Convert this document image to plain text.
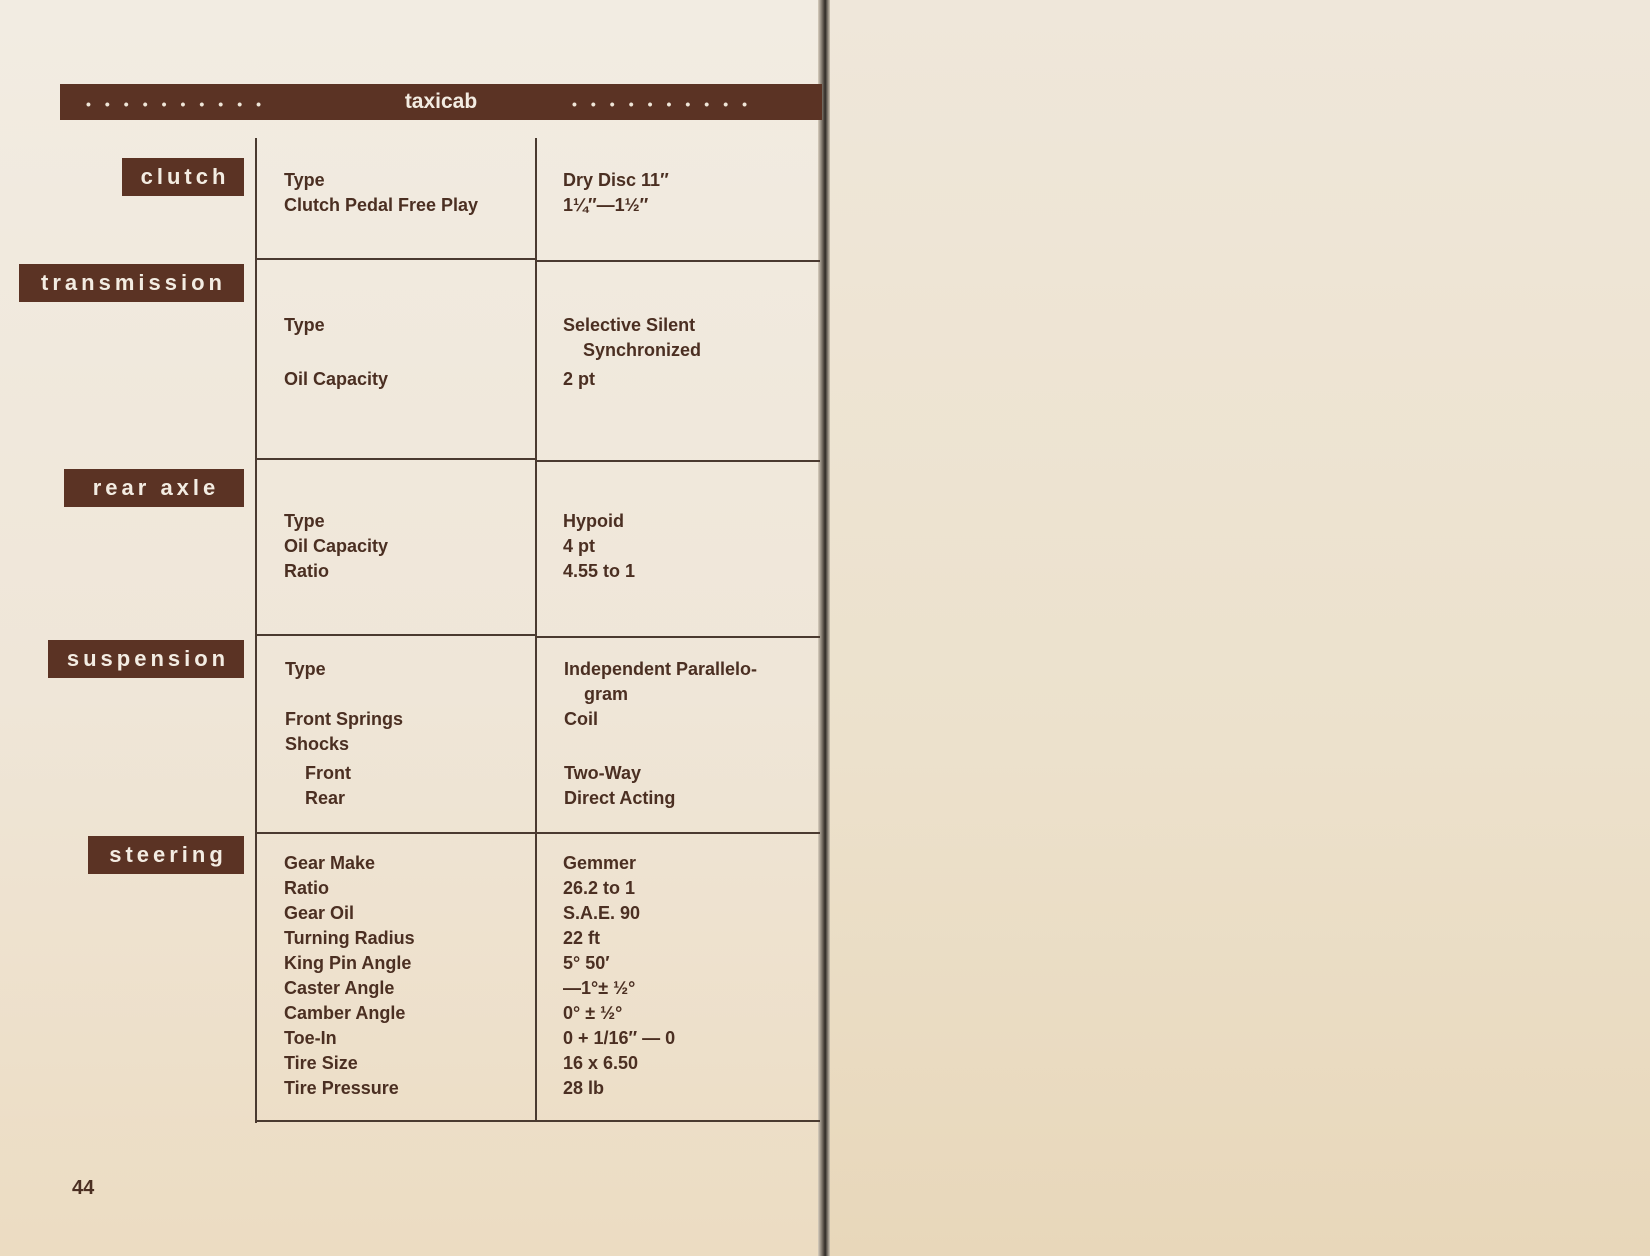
••••••••••	taxicab	••••••••••
clutch
transmission
rear axle
suspension
steering
Type
Clutch Pedal Free Play
Dry Disc 11″
1¼″—1½″
Type
Oil Capacity
Selective Silent
Synchronized
2 pt
Type
Oil Capacity
Ratio
Hypoid
4 pt
4.55 to 1
Type
Front Springs
Shocks
Front
Rear
Independent Parallelo-
gram
Coil
Two-Way
Direct Acting
Gear Make
Ratio
Gear Oil
Turning Radius
King Pin Angle
Caster Angle
Camber Angle
Toe-In
Tire Size
Tire Pressure
Gemmer
26.2 to 1
S.A.E. 90
22 ft
5° 50′
—1°± ½°
0° ± ½°
0 + 1/16″ — 0
16 x 6.50
28 lb
44
